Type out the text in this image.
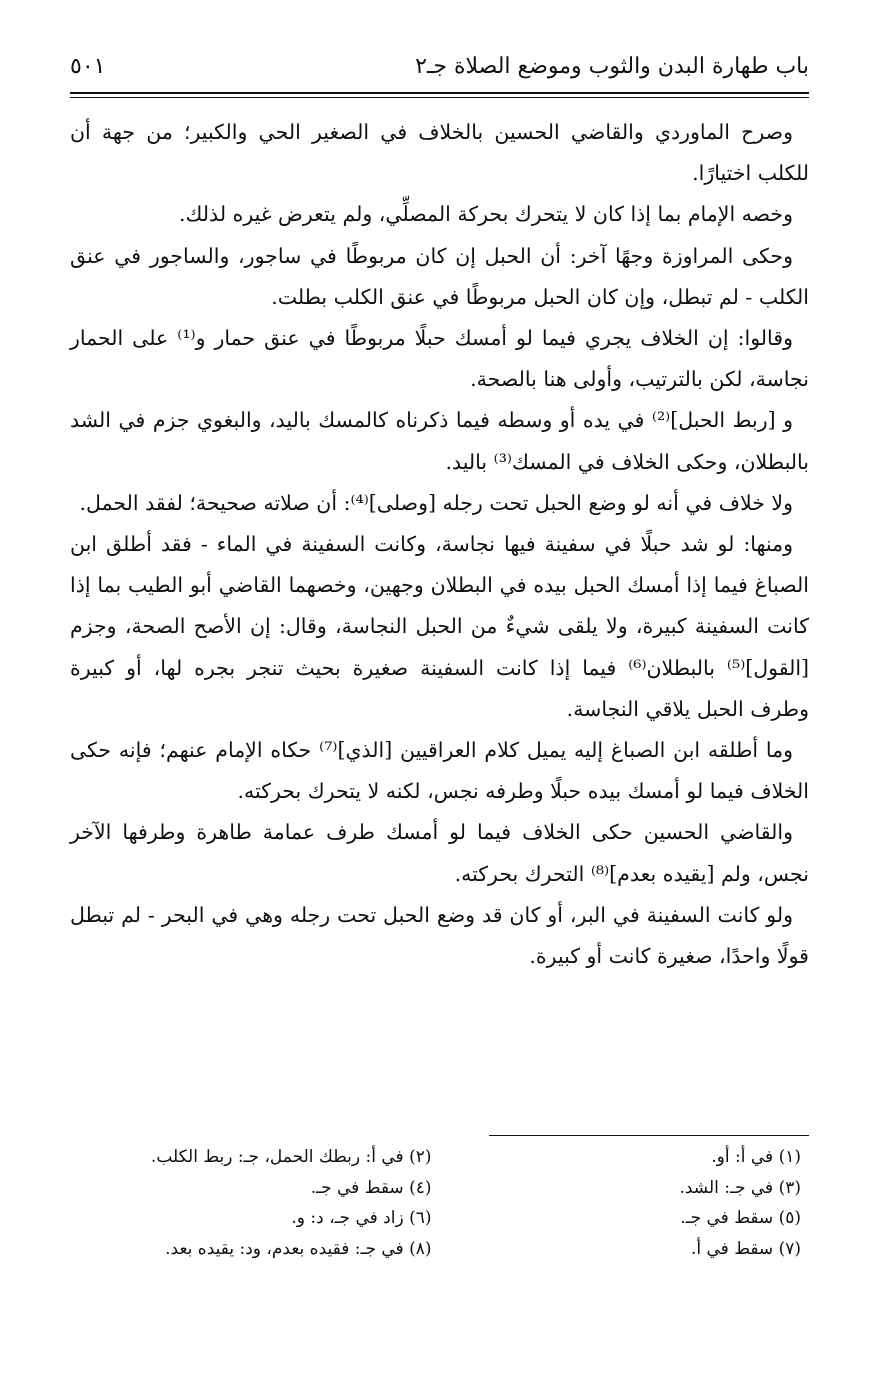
باب طهارة البدن والثوب وموضع الصلاة جـ٢
٥٠١

وصرح الماوردي والقاضي الحسين بالخلاف في الصغير الحي والكبير؛ من جهة أن للكلب اختيارًا.

وخصه الإمام بما إذا كان لا يتحرك بحركة المصلِّي، ولم يتعرض غيره لذلك.

وحكى المراوزة وجهًا آخر: أن الحبل إن كان مربوطًا في ساجور، والساجور في عنق الكلب - لم تبطل، وإن كان الحبل مربوطًا في عنق الكلب بطلت.

وقالوا: إن الخلاف يجري فيما لو أمسك حبلًا مربوطًا في عنق حمار و⁽¹⁾ على الحمار نجاسة، لكن بالترتيب، وأولى هنا بالصحة.

و [ربط الحبل]⁽²⁾ في يده أو وسطه فيما ذكرناه كالمسك باليد، والبغوي جزم في الشد بالبطلان، وحكى الخلاف في المسك⁽³⁾ باليد.

ولا خلاف في أنه لو وضع الحبل تحت رجله [وصلى]⁽⁴⁾: أن صلاته صحيحة؛ لفقد الحمل.

ومنها: لو شد حبلًا في سفينة فيها نجاسة، وكانت السفينة في الماء - فقد أطلق ابن الصباغ فيما إذا أمسك الحبل بيده في البطلان وجهين، وخصهما القاضي أبو الطيب بما إذا كانت السفينة كبيرة، ولا يلقى شيءٌ من الحبل النجاسة، وقال: إن الأصح الصحة، وجزم [القول]⁽⁵⁾ بالبطلان⁽⁶⁾ فيما إذا كانت السفينة صغيرة بحيث تنجر بجره لها، أو كبيرة وطرف الحبل يلاقي النجاسة.

وما أطلقه ابن الصباغ إليه يميل كلام العراقيين [الذي]⁽⁷⁾ حكاه الإمام عنهم؛ فإنه حكى الخلاف فيما لو أمسك بيده حبلًا وطرفه نجس، لكنه لا يتحرك بحركته.

والقاضي الحسين حكى الخلاف فيما لو أمسك طرف عمامة طاهرة وطرفها الآخر نجس، ولم [يقيده بعدم]⁽⁸⁾ التحرك بحركته.

ولو كانت السفينة في البر، أو كان قد وضع الحبل تحت رجله وهي في البحر - لم تبطل قولًا واحدًا، صغيرة كانت أو كبيرة.

(١) في أ: أو.
(٢) في أ: ربطك الحمل، جـ: ربط الكلب.
(٣) في جـ: الشد.
(٤) سقط في جـ.
(٥) سقط في جـ.
(٦) زاد في جـ، د: و.
(٧) سقط في أ.
(٨) في جـ: فقيده بعدم، ود: يقيده بعد.
